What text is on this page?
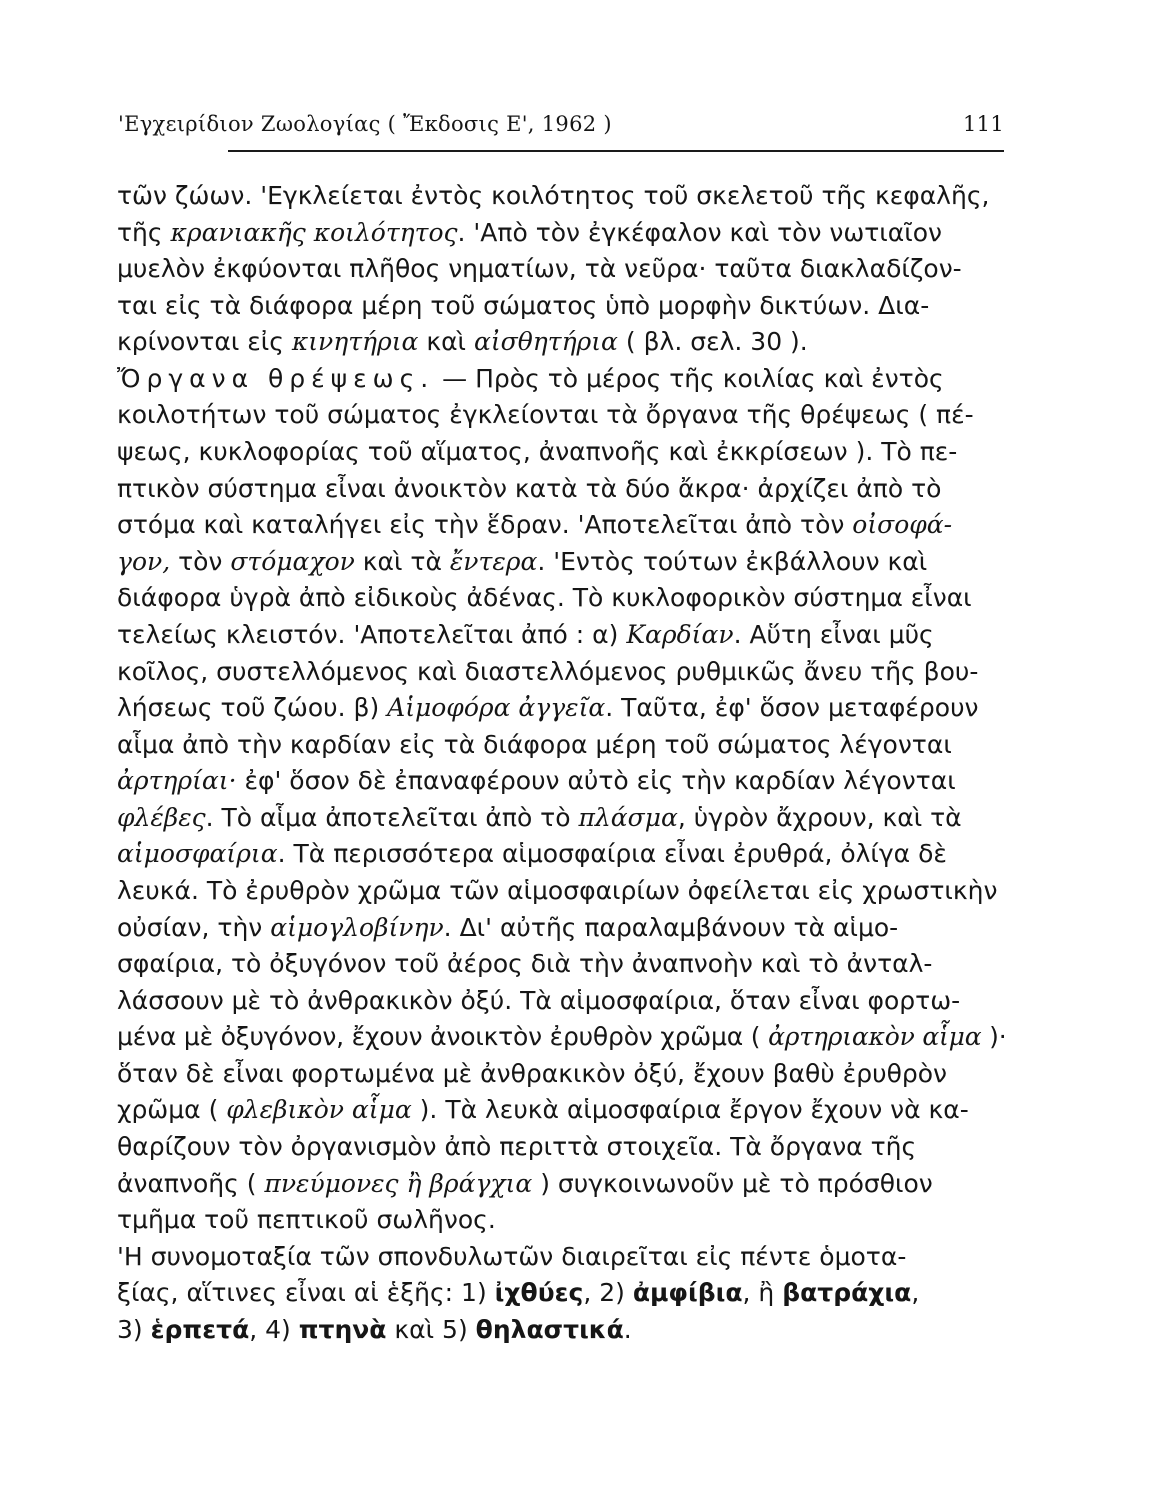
'Εγχειρίδιον Ζωολογίας ( Ἔκδοσις Ε', 1962 )	111
τῶν ζώων. 'Εγκλείεται ἐντὸς κοιλότητος τοῦ σκελετοῦ τῆς κεφαλῆς,
τῆς κρανιακῆς κοιλότητος. 'Απὸ τὸν ἐγκέφαλον καὶ τὸν νωτιαῖον
μυελὸν ἐκφύονται πλῆθος νηματίων, τὰ νεῦρα· ταῦτα διακλαδίζον-
ται εἰς τὰ διάφορα μέρη τοῦ σώματος ὑπὸ μορφὴν δικτύων. Δια-
κρίνονται εἰς κινητήρια καὶ αἰσθητήρια ( βλ. σελ. 30 ).
Ὄργανα θρέψεως. — Πρὸς τὸ μέρος τῆς κοιλίας καὶ ἐντὸς
κοιλοτήτων τοῦ σώματος ἐγκλείονται τὰ ὄργανα τῆς θρέψεως ( πέ-
ψεως, κυκλοφορίας τοῦ αἵματος, ἀναπνοῆς καὶ ἐκκρίσεων ). Τὸ πε-
πτικὸν σύστημα εἶναι ἀνοικτὸν κατὰ τὰ δύο ἄκρα· ἀρχίζει ἀπὸ τὸ
στόμα καὶ καταλήγει εἰς τὴν ἕδραν. 'Αποτελεῖται ἀπὸ τὸν οἰσοφά-
γον, τὸν στόμαχον καὶ τὰ ἔντερα. 'Εντὸς τούτων ἐκβάλλουν καὶ
διάφορα ὑγρὰ ἀπὸ εἰδικοὺς ἀδένας. Τὸ κυκλοφορικὸν σύστημα εἶναι
τελείως κλειστόν. 'Αποτελεῖται ἀπό : α) Καρδίαν. Αὕτη εἶναι μῦς
κοῖλος, συστελλόμενος καὶ διαστελλόμενος ρυθμικῶς ἄνευ τῆς βου-
λήσεως τοῦ ζώου. β) Αἱμοφόρα ἀγγεῖα. Ταῦτα, ἐφ' ὅσον μεταφέρουν
αἷμα ἀπὸ τὴν καρδίαν εἰς τὰ διάφορα μέρη τοῦ σώματος λέγονται
ἀρτηρίαι· ἐφ' ὅσον δὲ ἐπαναφέρουν αὐτὸ εἰς τὴν καρδίαν λέγονται
φλέβες. Τὸ αἷμα ἀποτελεῖται ἀπὸ τὸ πλάσμα, ὑγρὸν ἄχρουν, καὶ τὰ
αἱμοσφαίρια. Τὰ περισσότερα αἱμοσφαίρια εἶναι ἐρυθρά, ὀλίγα δὲ
λευκά. Τὸ ἐρυθρὸν χρῶμα τῶν αἱμοσφαιρίων ὀφείλεται εἰς χρωστικὴν
οὐσίαν, τὴν αἱμογλοβίνην. Δι' αὐτῆς παραλαμβάνουν τὰ αἱμο-
σφαίρια, τὸ ὀξυγόνον τοῦ ἀέρος διὰ τὴν ἀναπνοὴν καὶ τὸ ἀνταλ-
λάσσουν μὲ τὸ ἀνθρακικὸν ὀξύ. Τὰ αἱμοσφαίρια, ὅταν εἶναι φορτω-
μένα μὲ ὀξυγόνον, ἔχουν ἀνοικτὸν ἐρυθρὸν χρῶμα ( ἀρτηριακὸν αἷμα )·
ὅταν δὲ εἶναι φορτωμένα μὲ ἀνθρακικὸν ὀξύ, ἔχουν βαθὺ ἐρυθρὸν
χρῶμα ( φλεβικὸν αἷμα ). Τὰ λευκὰ αἱμοσφαίρια ἔργον ἔχουν νὰ κα-
θαρίζουν τὸν ὀργανισμὸν ἀπὸ περιττὰ στοιχεῖα. Τὰ ὄργανα τῆς
ἀναπνοῆς ( πνεύμονες ἢ βράγχια ) συγκοινωνοῦν μὲ τὸ πρόσθιον
τμῆμα τοῦ πεπτικοῦ σωλῆνος.
'Η συνομοταξία τῶν σπονδυλωτῶν διαιρεῖται εἰς πέντε ὁμοτα-
ξίας, αἵτινες εἶναι αἱ ἑξῆς: 1) ἰχθύες, 2) ἀμφίβια, ἢ βατράχια,
3) ἑρπετά, 4) πτηνὰ καὶ 5) θηλαστικά.
